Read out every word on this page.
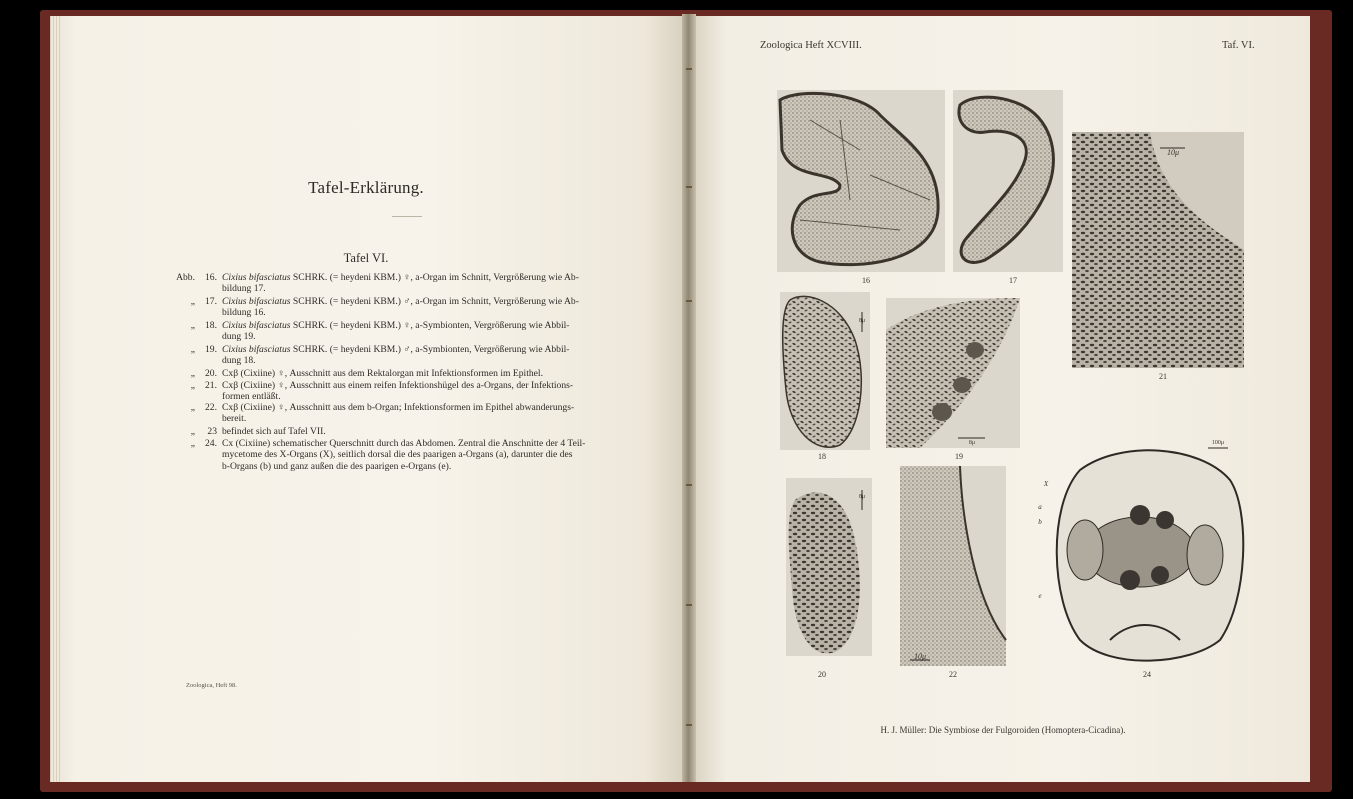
Tafel-Erklärung.
Tafel VI.
Abb.	16. Cixius bifasciatus SCHRK. (= heydeni KBM.) ♀, a-Organ im Schnitt, Vergrößerung wie Ab-
bildung 17.
„	17. Cixius bifasciatus SCHRK. (= heydeni KBM.) ♂, a-Organ im Schnitt, Vergrößerung wie Ab-
bildung 16.
„	18. Cixius bifasciatus SCHRK. (= heydeni KBM.) ♀, a-Symbionten, Vergrößerung wie Abbil-
dung 19.
„	19. Cixius bifasciatus SCHRK. (= heydeni KBM.) ♂, a-Symbionten, Vergrößerung wie Abbil-
dung 18.
„	20. Cxβ (Cixiine) ♀, Ausschnitt aus dem Rektalorgan mit Infektionsformen im Epithel.
„	21. Cxβ (Cixiine) ♀, Ausschnitt aus einem reifen Infektionshügel des a-Organs, der Infektions-
formen entläßt.
„	22. Cxβ (Cixiine) ♀, Ausschnitt aus dem b-Organ; Infektionsformen im Epithel abwanderungs-
bereit.
„	23 befindet sich auf Tafel VII.
„	24. Cx (Cixiine) schematischer Querschnitt durch das Abdomen. Zentral die Anschnitte der 4 Teil-
mycetome des X-Organs (X), seitlich dorsal die des paarigen a-Organs (a), darunter die des
b-Organs (b) und ganz außen die des paarigen e-Organs (e).
Zoologica, Heft 98.
Zoologica Heft XCVIII.	Taf. VI.
16	17
21
18	19
20	22	24
10μ
8μ
8μ
8μ
10μ
100μ
X
a
b
e
H. J. Müller: Die Symbiose der Fulgoroiden (Homoptera-Cicadina).
